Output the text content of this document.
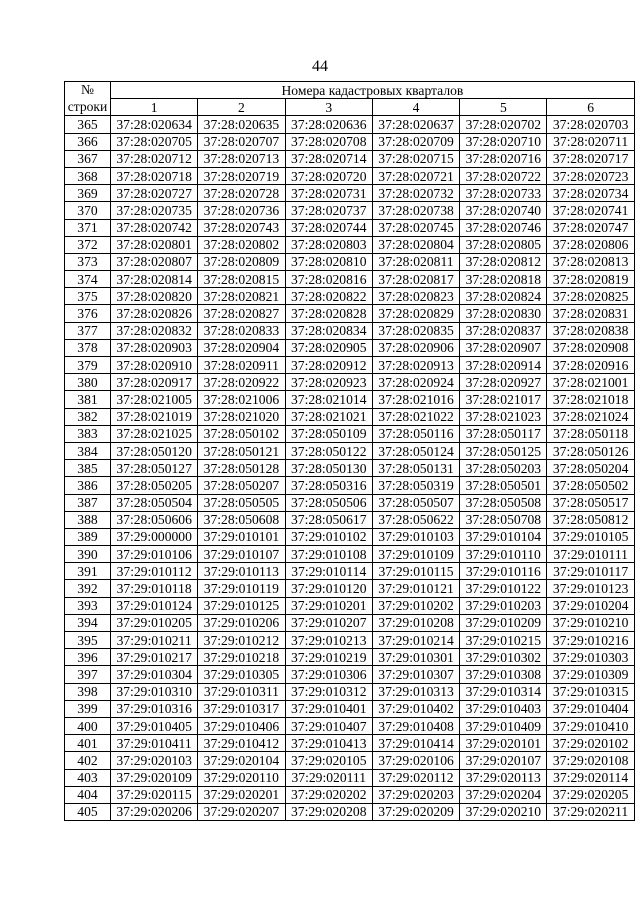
44
№
строки	Номера кадастровых кварталов					
	1	2	3	4	5	6
365	37:28:020634	37:28:020635	37:28:020636	37:28:020637	37:28:020702	37:28:020703
366	37:28:020705	37:28:020707	37:28:020708	37:28:020709	37:28:020710	37:28:020711
367	37:28:020712	37:28:020713	37:28:020714	37:28:020715	37:28:020716	37:28:020717
368	37:28:020718	37:28:020719	37:28:020720	37:28:020721	37:28:020722	37:28:020723
369	37:28:020727	37:28:020728	37:28:020731	37:28:020732	37:28:020733	37:28:020734
370	37:28:020735	37:28:020736	37:28:020737	37:28:020738	37:28:020740	37:28:020741
371	37:28:020742	37:28:020743	37:28:020744	37:28:020745	37:28:020746	37:28:020747
372	37:28:020801	37:28:020802	37:28:020803	37:28:020804	37:28:020805	37:28:020806
373	37:28:020807	37:28:020809	37:28:020810	37:28:020811	37:28:020812	37:28:020813
374	37:28:020814	37:28:020815	37:28:020816	37:28:020817	37:28:020818	37:28:020819
375	37:28:020820	37:28:020821	37:28:020822	37:28:020823	37:28:020824	37:28:020825
376	37:28:020826	37:28:020827	37:28:020828	37:28:020829	37:28:020830	37:28:020831
377	37:28:020832	37:28:020833	37:28:020834	37:28:020835	37:28:020837	37:28:020838
378	37:28:020903	37:28:020904	37:28:020905	37:28:020906	37:28:020907	37:28:020908
379	37:28:020910	37:28:020911	37:28:020912	37:28:020913	37:28:020914	37:28:020916
380	37:28:020917	37:28:020922	37:28:020923	37:28:020924	37:28:020927	37:28:021001
381	37:28:021005	37:28:021006	37:28:021014	37:28:021016	37:28:021017	37:28:021018
382	37:28:021019	37:28:021020	37:28:021021	37:28:021022	37:28:021023	37:28:021024
383	37:28:021025	37:28:050102	37:28:050109	37:28:050116	37:28:050117	37:28:050118
384	37:28:050120	37:28:050121	37:28:050122	37:28:050124	37:28:050125	37:28:050126
385	37:28:050127	37:28:050128	37:28:050130	37:28:050131	37:28:050203	37:28:050204
386	37:28:050205	37:28:050207	37:28:050316	37:28:050319	37:28:050501	37:28:050502
387	37:28:050504	37:28:050505	37:28:050506	37:28:050507	37:28:050508	37:28:050517
388	37:28:050606	37:28:050608	37:28:050617	37:28:050622	37:28:050708	37:28:050812
389	37:29:000000	37:29:010101	37:29:010102	37:29:010103	37:29:010104	37:29:010105
390	37:29:010106	37:29:010107	37:29:010108	37:29:010109	37:29:010110	37:29:010111
391	37:29:010112	37:29:010113	37:29:010114	37:29:010115	37:29:010116	37:29:010117
392	37:29:010118	37:29:010119	37:29:010120	37:29:010121	37:29:010122	37:29:010123
393	37:29:010124	37:29:010125	37:29:010201	37:29:010202	37:29:010203	37:29:010204
394	37:29:010205	37:29:010206	37:29:010207	37:29:010208	37:29:010209	37:29:010210
395	37:29:010211	37:29:010212	37:29:010213	37:29:010214	37:29:010215	37:29:010216
396	37:29:010217	37:29:010218	37:29:010219	37:29:010301	37:29:010302	37:29:010303
397	37:29:010304	37:29:010305	37:29:010306	37:29:010307	37:29:010308	37:29:010309
398	37:29:010310	37:29:010311	37:29:010312	37:29:010313	37:29:010314	37:29:010315
399	37:29:010316	37:29:010317	37:29:010401	37:29:010402	37:29:010403	37:29:010404
400	37:29:010405	37:29:010406	37:29:010407	37:29:010408	37:29:010409	37:29:010410
401	37:29:010411	37:29:010412	37:29:010413	37:29:010414	37:29:020101	37:29:020102
402	37:29:020103	37:29:020104	37:29:020105	37:29:020106	37:29:020107	37:29:020108
403	37:29:020109	37:29:020110	37:29:020111	37:29:020112	37:29:020113	37:29:020114
404	37:29:020115	37:29:020201	37:29:020202	37:29:020203	37:29:020204	37:29:020205
405	37:29:020206	37:29:020207	37:29:020208	37:29:020209	37:29:020210	37:29:020211
